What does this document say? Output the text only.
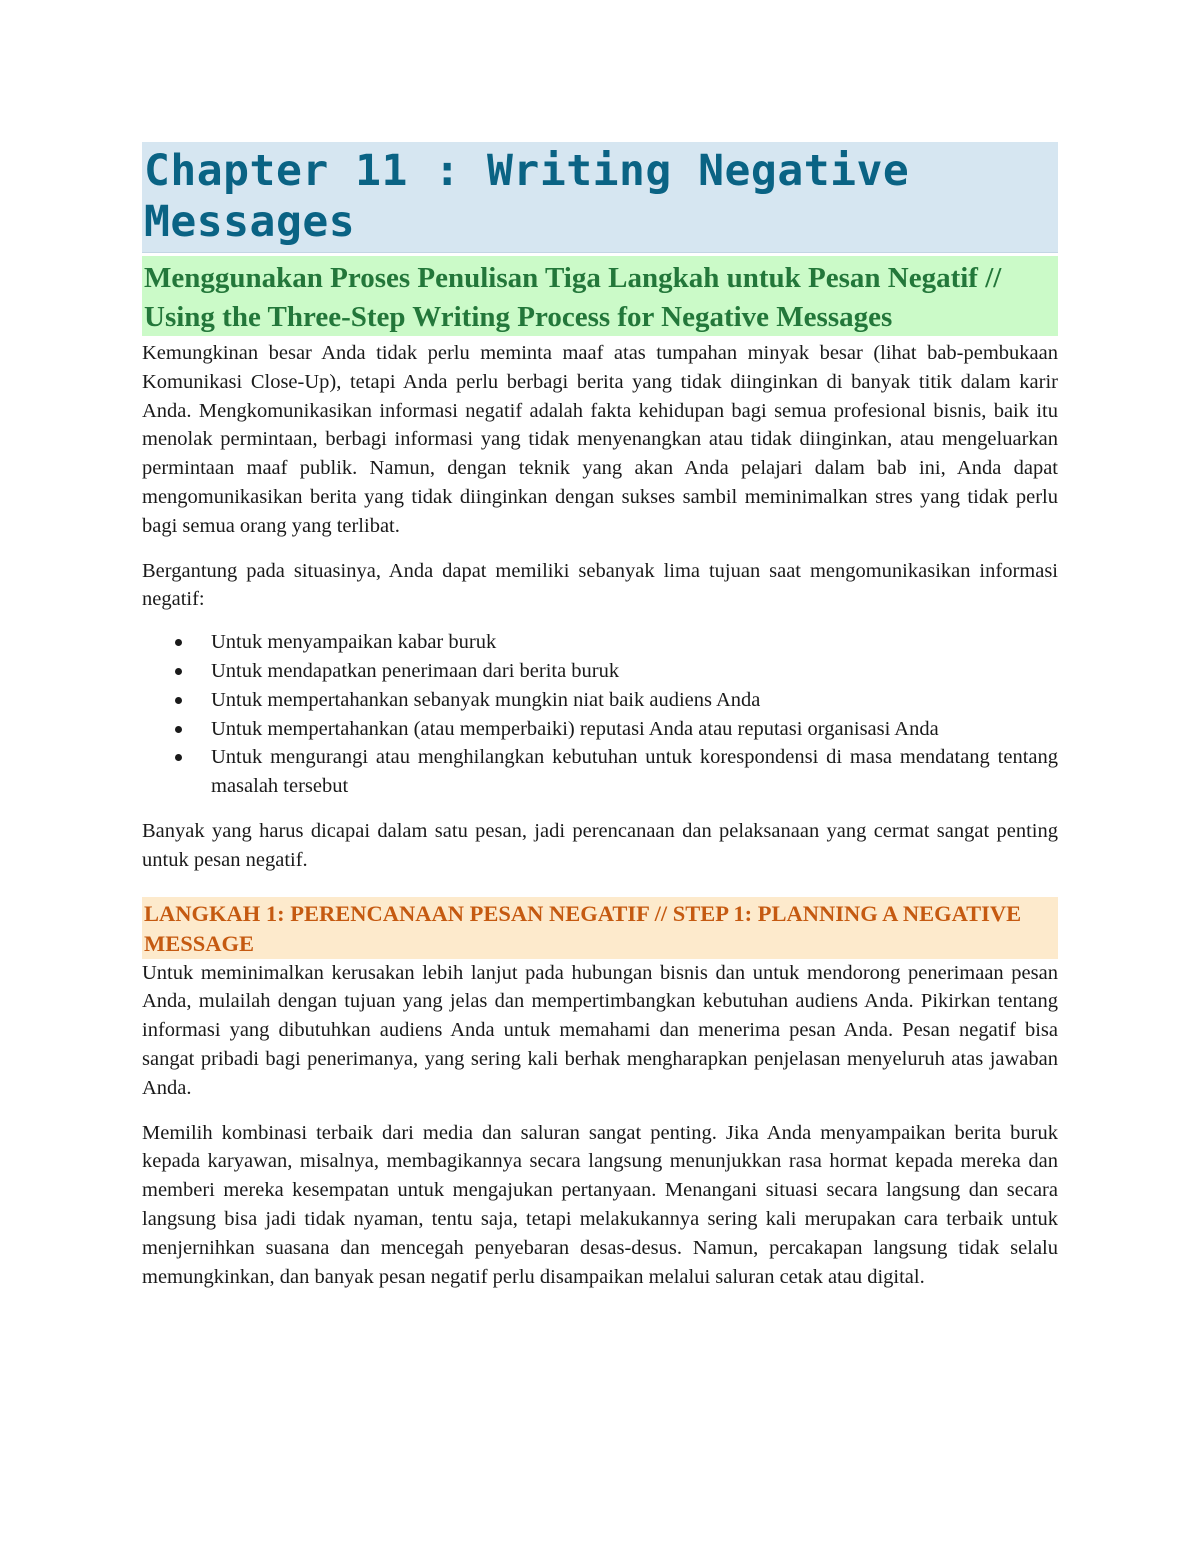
Chapter 11 : Writing Negative Messages
Menggunakan Proses Penulisan Tiga Langkah untuk Pesan Negatif // Using the Three-Step Writing Process for Negative Messages

Kemungkinan besar Anda tidak perlu meminta maaf atas tumpahan minyak besar (lihat bab-pembukaan Komunikasi Close-Up), tetapi Anda perlu berbagi berita yang tidak diinginkan di banyak titik dalam karir Anda. Mengkomunikasikan informasi negatif adalah fakta kehidupan bagi semua profesional bisnis, baik itu menolak permintaan, berbagi informasi yang tidak menyenangkan atau tidak diinginkan, atau mengeluarkan permintaan maaf publik. Namun, dengan teknik yang akan Anda pelajari dalam bab ini, Anda dapat mengomunikasikan berita yang tidak diinginkan dengan sukses sambil meminimalkan stres yang tidak perlu bagi semua orang yang terlibat.

Bergantung pada situasinya, Anda dapat memiliki sebanyak lima tujuan saat mengomunikasikan informasi negatif:

Untuk menyampaikan kabar buruk
Untuk mendapatkan penerimaan dari berita buruk
Untuk mempertahankan sebanyak mungkin niat baik audiens Anda
Untuk mempertahankan (atau memperbaiki) reputasi Anda atau reputasi organisasi Anda
Untuk mengurangi atau menghilangkan kebutuhan untuk korespondensi di masa mendatang tentang masalah tersebut

Banyak yang harus dicapai dalam satu pesan, jadi perencanaan dan pelaksanaan yang cermat sangat penting untuk pesan negatif.

LANGKAH 1: PERENCANAAN PESAN NEGATIF // STEP 1: PLANNING A NEGATIVE MESSAGE

Untuk meminimalkan kerusakan lebih lanjut pada hubungan bisnis dan untuk mendorong penerimaan pesan Anda, mulailah dengan tujuan yang jelas dan mempertimbangkan kebutuhan audiens Anda. Pikirkan tentang informasi yang dibutuhkan audiens Anda untuk memahami dan menerima pesan Anda. Pesan negatif bisa sangat pribadi bagi penerimanya, yang sering kali berhak mengharapkan penjelasan menyeluruh atas jawaban Anda.

Memilih kombinasi terbaik dari media dan saluran sangat penting. Jika Anda menyampaikan berita buruk kepada karyawan, misalnya, membagikannya secara langsung menunjukkan rasa hormat kepada mereka dan memberi mereka kesempatan untuk mengajukan pertanyaan. Menangani situasi secara langsung dan secara langsung bisa jadi tidak nyaman, tentu saja, tetapi melakukannya sering kali merupakan cara terbaik untuk menjernihkan suasana dan mencegah penyebaran desas-desus. Namun, percakapan langsung tidak selalu memungkinkan, dan banyak pesan negatif perlu disampaikan melalui saluran cetak atau digital.
